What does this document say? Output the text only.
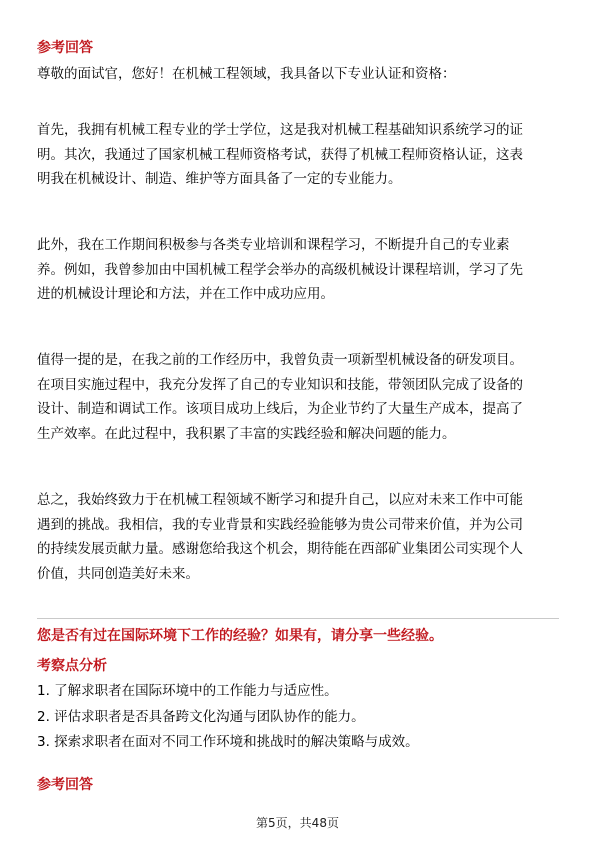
参考回答

尊敬的面试官，您好！在机械工程领域，我具备以下专业认证和资格：

首先，我拥有机械工程专业的学士学位，这是我对机械工程基础知识系统学习的证
明。其次，我通过了国家机械工程师资格考试，获得了机械工程师资格认证，这表
明我在机械设计、制造、维护等方面具备了一定的专业能力。

此外，我在工作期间积极参与各类专业培训和课程学习，不断提升自己的专业素
养。例如，我曾参加由中国机械工程学会举办的高级机械设计课程培训，学习了先
进的机械设计理论和方法，并在工作中成功应用。

值得一提的是，在我之前的工作经历中，我曾负责一项新型机械设备的研发项目。
在项目实施过程中，我充分发挥了自己的专业知识和技能，带领团队完成了设备的
设计、制造和调试工作。该项目成功上线后，为企业节约了大量生产成本，提高了
生产效率。在此过程中，我积累了丰富的实践经验和解决问题的能力。

总之，我始终致力于在机械工程领域不断学习和提升自己，以应对未来工作中可能
遇到的挑战。我相信，我的专业背景和实践经验能够为贵公司带来价值，并为公司
的持续发展贡献力量。感谢您给我这个机会，期待能在西部矿业集团公司实现个人
价值，共同创造美好未来。

您是否有过在国际环境下工作的经验？如果有，请分享一些经验。

考察点分析

1. 了解求职者在国际环境中的工作能力与适应性。
2. 评估求职者是否具备跨文化沟通与团队协作的能力。
3. 探索求职者在面对不同工作环境和挑战时的解决策略与成效。

参考回答

第5页，共48页
